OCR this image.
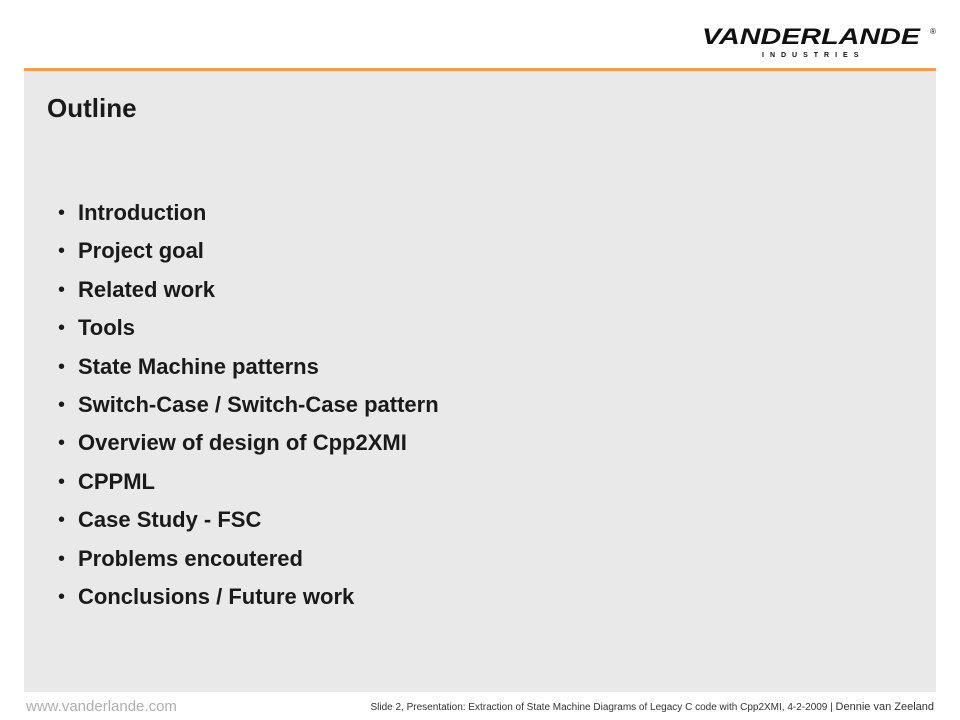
VANDERLANDE ®
INDUSTRIES
Outline
• Introduction
• Project goal
• Related work
• Tools
• State Machine patterns
• Switch-Case / Switch-Case pattern
• Overview of design of Cpp2XMI
• CPPML
• Case Study - FSC
• Problems encoutered
• Conclusions / Future work
www.vanderlande.com	Slide 2, Presentation: Extraction of State Machine Diagrams of Legacy C code with Cpp2XMI, 4-2-2009 | Dennie van Zeeland
